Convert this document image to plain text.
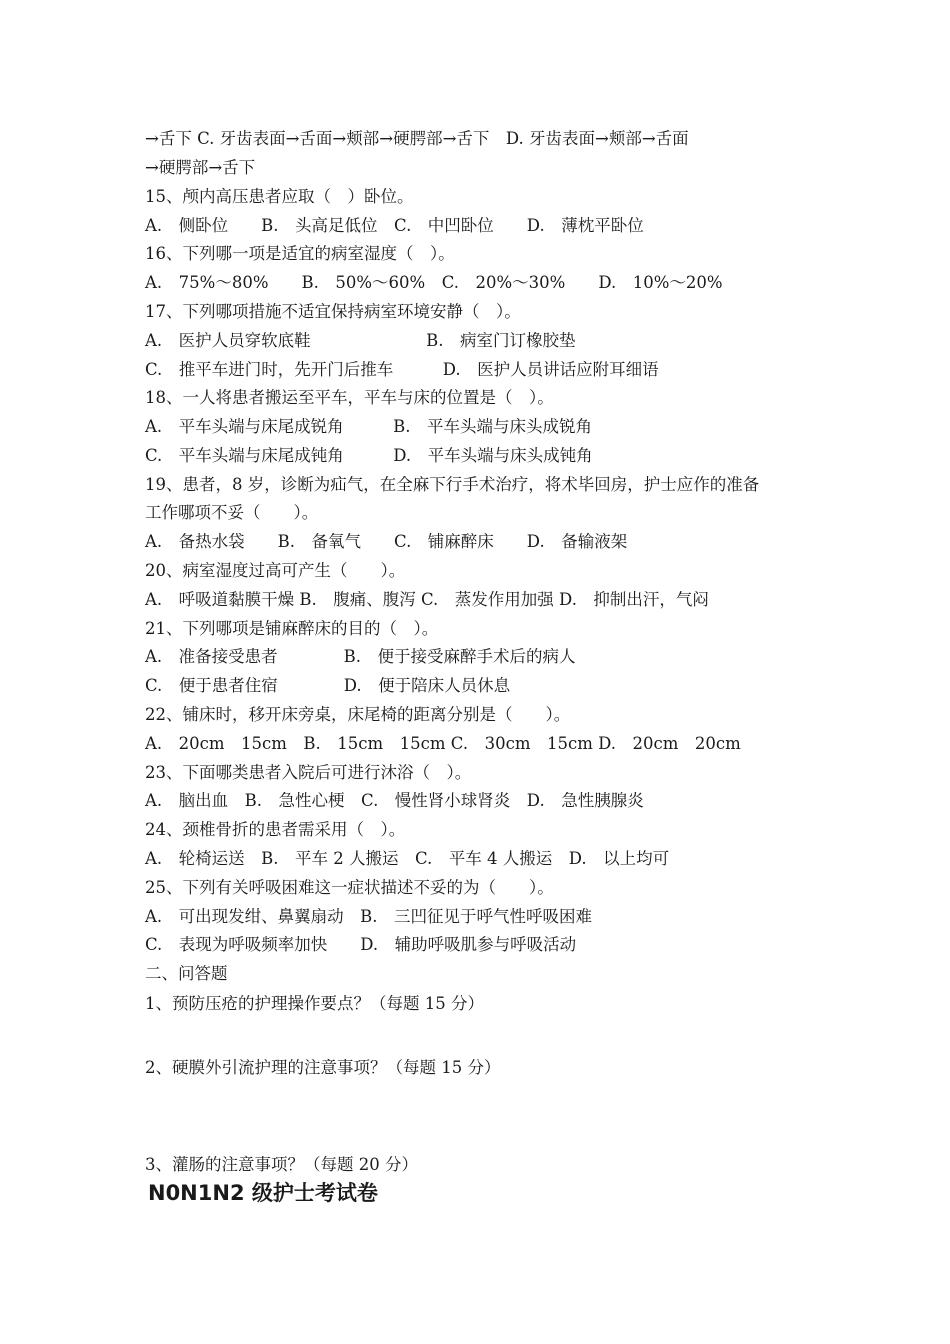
→舌下 C. 牙齿表面→舌面→颊部→硬腭部→舌下　D. 牙齿表面→颊部→舌面
→硬腭部→舌下
15、颅内高压患者应取（　）卧位。
A.　侧卧位　　B.　头高足低位　C.　中凹卧位　　D.　薄枕平卧位
16、下列哪一项是适宜的病室湿度（　）。
A.　75%～80%　　B.　50%～60%　C.　20%～30%　　D.　10%～20%
17、下列哪项措施不适宜保持病室环境安静（　）。
A.　医护人员穿软底鞋　　　　　　　B.　病室门订橡胶垫
C.　推平车进门时，先开门后推车　　　D.　医护人员讲话应附耳细语
18、一人将患者搬运至平车，平车与床的位置是（　）。
A.　平车头端与床尾成锐角　　　B.　平车头端与床头成锐角
C.　平车头端与床尾成钝角　　　D.　平车头端与床头成钝角
19、患者，8 岁，诊断为疝气，在全麻下行手术治疗，将术毕回房，护士应作的准备
工作哪项不妥（　　）。
A.　备热水袋　　B.　备氧气　　C.　铺麻醉床　　D.　备输液架
20、病室湿度过高可产生（　　）。
A.　呼吸道黏膜干燥 B.　腹痛、腹泻 C.　蒸发作用加强 D.　抑制出汗，气闷
21、下列哪项是铺麻醉床的目的（　）。
A.　准备接受患者　　　　B.　便于接受麻醉手术后的病人
C.　便于患者住宿　　　　D.　便于陪床人员休息
22、铺床时，移开床旁桌，床尾椅的距离分别是（　　）。
A.　20cm　15cm　B.　15cm　15cm C.　30cm　15cm D.　20cm　20cm
23、下面哪类患者入院后可进行沐浴（　）。
A.　脑出血　B.　急性心梗　C.　慢性肾小球肾炎　D.　急性胰腺炎
24、颈椎骨折的患者需采用（　）。
A.　轮椅运送　B.　平车 2 人搬运　C.　平车 4 人搬运　D.　以上均可
25、下列有关呼吸困难这一症状描述不妥的为（　　）。
A.　可出现发绀、鼻翼扇动　B.　三凹征见于呼气性呼吸困难
C.　表现为呼吸频率加快　　D.　辅助呼吸肌参与呼吸活动
二、问答题
1、预防压疮的护理操作要点？（每题 15 分）
2、硬膜外引流护理的注意事项？（每题 15 分）
3、灌肠的注意事项？（每题 20 分）
N0N1N2 级护士考试卷
